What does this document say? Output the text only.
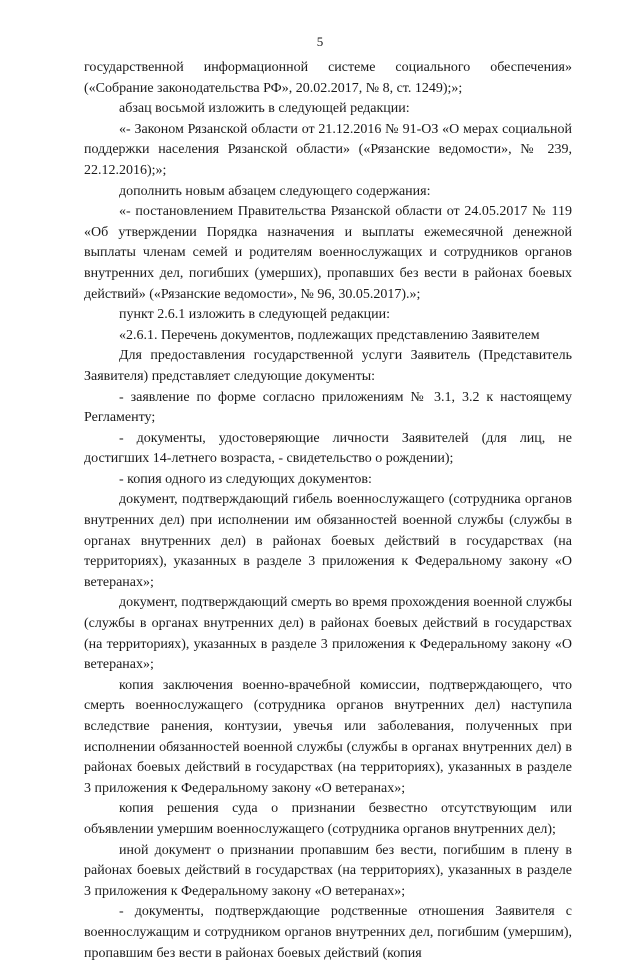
5

государственной информационной системе социального обеспечения» («Собрание законодательства РФ», 20.02.2017, № 8, ст. 1249);»;

абзац восьмой изложить в следующей редакции:

«- Законом Рязанской области от 21.12.2016 № 91-ОЗ «О мерах социальной поддержки населения Рязанской области» («Рязанские ведомости», № 239, 22.12.2016);»;

дополнить новым абзацем следующего содержания:

«- постановлением Правительства Рязанской области от 24.05.2017 № 119 «Об утверждении Порядка назначения и выплаты ежемесячной денежной выплаты членам семей и родителям военнослужащих и сотрудников органов внутренних дел, погибших (умерших), пропавших без вести в районах боевых действий» («Рязанские ведомости», № 96, 30.05.2017).»;

пункт 2.6.1 изложить в следующей редакции:

«2.6.1. Перечень документов, подлежащих представлению Заявителем

Для предоставления государственной услуги Заявитель (Представитель Заявителя) представляет следующие документы:

- заявление по форме согласно приложениям № 3.1, 3.2 к настоящему Регламенту;

- документы, удостоверяющие личности Заявителей (для лиц, не достигших 14-летнего возраста, - свидетельство о рождении);

- копия одного из следующих документов:

документ, подтверждающий гибель военнослужащего (сотрудника органов внутренних дел) при исполнении им обязанностей военной службы (службы в органах внутренних дел) в районах боевых действий в государствах (на территориях), указанных в разделе 3 приложения к Федеральному закону «О ветеранах»;

документ, подтверждающий смерть во время прохождения военной службы (службы в органах внутренних дел) в районах боевых действий в государствах (на территориях), указанных в разделе 3 приложения к Федеральному закону «О ветеранах»;

копия заключения военно-врачебной комиссии, подтверждающего, что смерть военнослужащего (сотрудника органов внутренних дел) наступила вследствие ранения, контузии, увечья или заболевания, полученных при исполнении обязанностей военной службы (службы в органах внутренних дел) в районах боевых действий в государствах (на территориях), указанных в разделе 3 приложения к Федеральному закону «О ветеранах»;

копия решения суда о признании безвестно отсутствующим или объявлении умершим военнослужащего (сотрудника органов внутренних дел);

иной документ о признании пропавшим без вести, погибшим в плену в районах боевых действий в государствах (на территориях), указанных в разделе 3 приложения к Федеральному закону «О ветеранах»;

- документы, подтверждающие родственные отношения Заявителя с военнослужащим и сотрудником органов внутренних дел, погибшим (умершим), пропавшим без вести в районах боевых действий (копия
